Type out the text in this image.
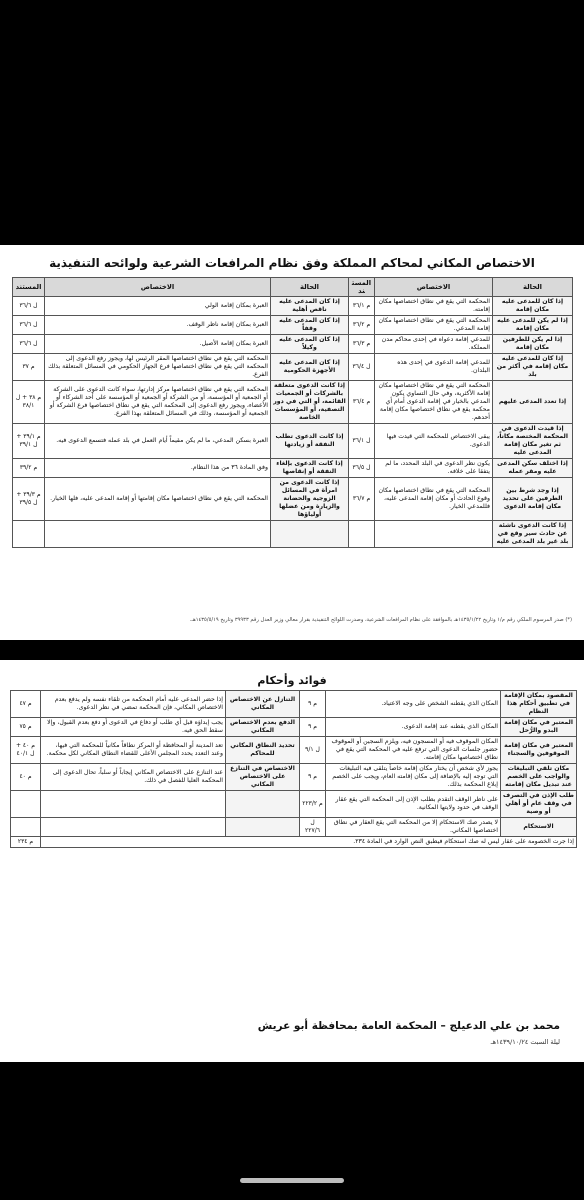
الاختصاص المكاني لمحاكم المملكة وفق نظام المرافعات الشرعية ولوائحه التنفيذية
الحالة	الاختصاص	المستند	الحالة	الاختصاص	المستند
إذا كان للمدعى عليه مكان إقامة	المحكمة التي يقع في نطاق اختصاصها مكان إقامته.	م ٣٦/١	إذا كان المدعى عليه ناقص أهلية	العبرة بمكان إقامة الولي	ل ٣٦/٦
إذا لم يكن للمدعى عليه مكان إقامة	المحكمة التي يقع في نطاق اختصاصها مكان إقامة المدعي.	م ٣٦/٢	إذا كان المدعى عليه وقفاً	العبرة بمكان إقامة ناظر الوقف.	ل ٣٦/٦
إذا لم يكن للطرفين مكان إقامة	للمدعي إقامة دعواه في إحدى محاكم مدن المملكة.	م ٣٦/٣	إذا كان المدعى عليه وكيلاً	العبرة بمكان إقامة الأصيل.	ل ٣٦/٦
إذا كان للمدعى عليه مكان إقامة في أكثر من بلد	للمدعي إقامة الدعوى في إحدى هذه البلدان.	ل ٣٦/٤	إذا كان المدعى عليه الأجهزة الحكومية	المحكمة التي يقع في نطاق اختصاصها المقر الرئيس لها، ويجوز رفع الدعوى إلى المحكمة التي يقع في نطاق اختصاصها فرع الجهاز الحكومي في المسائل المتعلقة بذلك الفرع.	م ٣٧
إذا تعدد المدعى عليهم	المحكمة التي يقع في نطاق اختصاصها مكان إقامة الأكثرية، وفي حال التساوي يكون المدعي بالخيار في إقامة الدعوى أمام أي محكمة يقع في نطاق اختصاصها مكان إقامة أحدهم.	م ٣٦/٤	إذا كانت الدعوى متعلقة بالشركات أو الجمعيات القائمة، أو التي في دور التصفية، أو المؤسسات الخاصة	المحكمة التي يقع في نطاق اختصاصها مركز إدارتها، سواء كانت الدعوى على الشركة أو الجمعية أو المؤسسة، أو من الشركة أو الجمعية أو المؤسسة على أحد الشركاء أو الأعضاء، ويجوز رفع الدعوى إلى المحكمة التي يقع في نطاق اختصاصها فرع الشركة أو الجمعية أو المؤسسة، وذلك في المسائل المتعلقة بهذا الفرع.	م ٣٨ + ل ٣٨/١
إذا قيدت الدعوى في المحكمة المختصة مكاناً، ثم تغير مكان إقامة المدعى عليه	يبقى الاختصاص للمحكمة التي قيدت فيها الدعوى.	ل ٣٦/١	إذا كانت الدعوى تطلب النفقة أو زيادتها	العبرة بسكن المدعي، ما لم يكن مقيماً أيام العمل في بلد عمله فتسمع الدعوى فيه.	م ٣٩/١ + ل ٣٩/١
إذا اختلف سكن المدعى عليه ومقر عمله	يكون نظر الدعوى في البلد المحدد، ما لم يتفقا على خلافه.	ل ٣٦/٥	إذا كانت الدعوى بإلغاء النفقة أو إنقاصها	وفق المادة ٣٦ من هذا النظام.	م ٣٩/٢
إذا وجد شرط بين الطرفين على تحديد مكان إقامة الدعوى	المحكمة التي يقع في نطاق اختصاصها مكان وقوع الحادث أو مكان إقامة المدعى عليه، فللمدعي الخيار.	م ٣٦/٧	إذا كانت الدعوى من امرأة في المسائل الزوجية والحضانة والزيارة ومن عضلها أولياؤها	المحكمة التي يقع في نطاق اختصاصها مكان إقامتها أو إقامة المدعى عليه، فلها الخيار.	م ٣٩/٣ + ل ٣٩/٥
إذا كانت الدعوى ناشئة عن حادث سير وقع في بلد غير بلد المدعى عليه					
(*) صدر المرسوم الملكي رقم م/١ وتاريخ ١٤٣٥/١/٢٢هـ بالموافقة على نظام المرافعات الشرعية، وصدرت اللوائح التنفيذية بقرار معالي وزير العدل رقم ٣٩٩٣٣ وتاريخ ١٤٣٥/٥/١٩هـ.
فوائد وأحكام
المقصود بمكان الإقامة في تطبيق أحكام هذا النظام	المكان الذي يقطنه الشخص على وجه الاعتياد.	م ٩	التنازل عن الاختصاص المكاني	إذا حضر المدعى عليه أمام المحكمة من تلقاء نفسه ولم يدفع بعدم الاختصاص المكاني، فإن المحكمة تمضي في نظر الدعوى.	م ٤٧
المعتبر في مكان إقامة البدو والرُّحل	المكان الذي يقطنه عند إقامة الدعوى.	م ٩	الدفع بعدم الاختصاص المكاني	يجب إبداؤه قبل أي طلب أو دفاع في الدعوى أو دفع بعدم القبول، وإلا سقط الحق فيه.	م ٧٥
المعتبر في مكان إقامة الموقوفين والسجناء	المكان الموقوف فيه أو المسجون فيه، ويلزم السجين أو الموقوف حضور جلسات الدعوى التي ترفع عليه في المحكمة التي يقع في نطاق اختصاصها مكان إقامته.	ل ٩/١	تحديد النطاق المكاني للمحاكم	تعد المدينة أو المحافظة أو المركز نطاقاً مكانياً للمحكمة التي فيها، وعند التعدد يحدد المجلس الأعلى للقضاء النطاق المكاني لكل محكمة.	م ٤٠ + ل ٤٠/١
مكان تلقي التبليغات والواجب على الخصم عند تبديل مكان إقامته	يجوز لأي شخص أن يختار مكان إقامة خاصاً يتلقى فيه التبليغات التي توجه إليه بالإضافة إلى مكان إقامته العام، ويجب على الخصم إبلاغ المحكمة بذلك.	م ٩	الاختصاص في التنازع على الاختصاص المكاني	عند التنازع على الاختصاص المكاني إيجاباً أو سلباً، تحال الدعوى إلى المحكمة العليا للفصل في ذلك.	م ٤٠
طلب الإذن في التصرف في وقف عام أو أهلي أو وصية	على ناظر الوقف التقدم بطلب الإذن إلى المحكمة التي يقع عقار الوقف في حدود ولايتها المكانية.	م ٢٢٣/٢			
الاستحكام	لا يصدر صك الاستحكام إلا من المحكمة التي يقع العقار في نطاق اختصاصها المكاني.	ل ٢٢٧/٦			
إذا جرت الخصومة على عقار ليس له صك استحكام فيطبق النص الوارد في المادة ٢٣٤.					م ٢٣٤
محمد بن علي الدعيلج – المحكمة العامة بمحافظة أبو عريش
ليلة السبت ١٤٣٩/١٠/٢٤هـ
